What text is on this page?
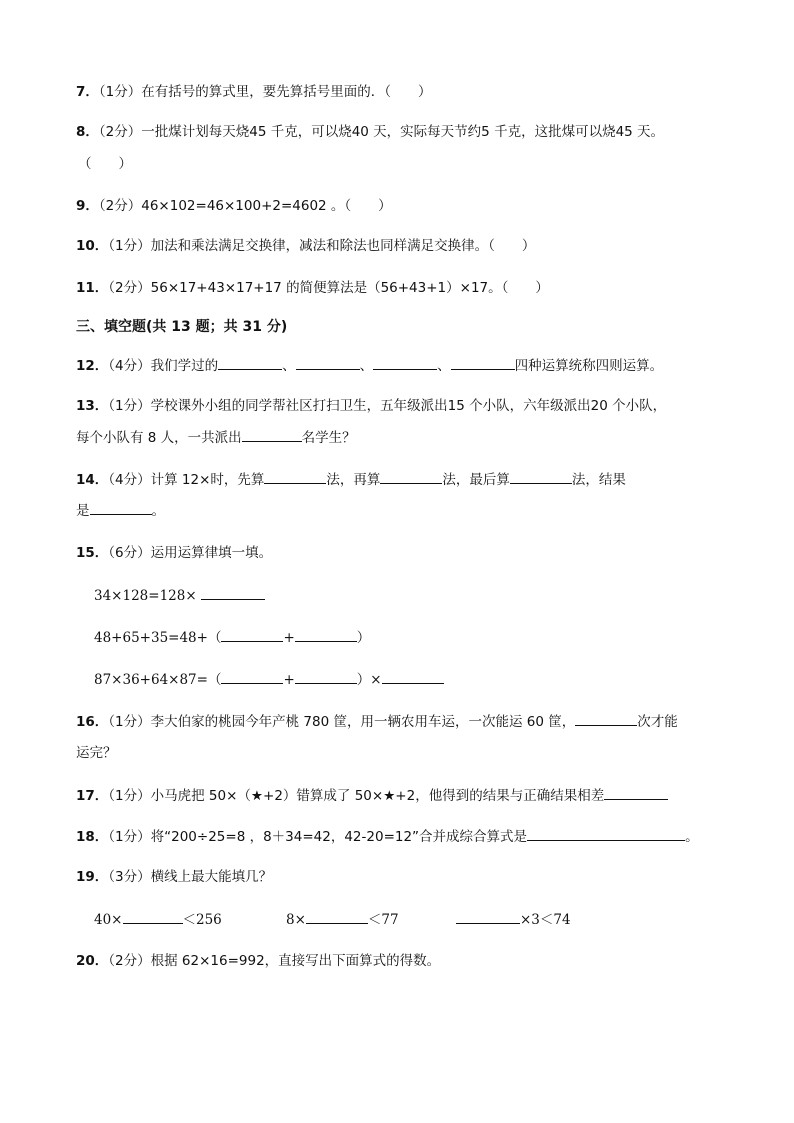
7．（1分）在有括号的算式里，要先算括号里面的．（　　）
8．（2分）一批煤计划每天烧45 千克，可以烧40 天，实际每天节约5 千克，这批煤可以烧45 天。
（　　）
9．（2分）46×102=46×100+2=4602 。（　　）
10．（1分）加法和乘法满足交换律，减法和除法也同样满足交换律。（　　）
11．（2分）56×17+43×17+17 的简便算法是（56+43+1）×17。（　　）
三、填空题(共 13 题；共 31 分)
12．（4分）我们学过的	、	、	、	四种运算统称四则运算。
13．（1分）学校课外小组的同学帮社区打扫卫生，五年级派出15 个小队，六年级派出20 个小队，
每个小队有 8 人，一共派出	名学生？
14．（4分）计算 12×时，先算	法，再算	法，最后算	法，结果
是	。
15．（6分）运用运算律填一填。
34×128=128×
48+65+35=48+（	+	）
87×36+64×87=（	+	）×
16．（1分）李大伯家的桃园今年产桃 780 筐，用一辆农用车运，一次能运 60 筐，	次才能
运完？
17．（1分）小马虎把 50×（★+2）错算成了 50×★+2，他得到的结果与正确结果相差
18．（1分）将“200÷25=8 ，8＋34=42，42-20=12”合并成综合算式是	。
19．（3分）横线上最大能填几？
40×	＜256	8×	＜77	×3＜74
20．（2分）根据 62×16=992，直接写出下面算式的得数。
